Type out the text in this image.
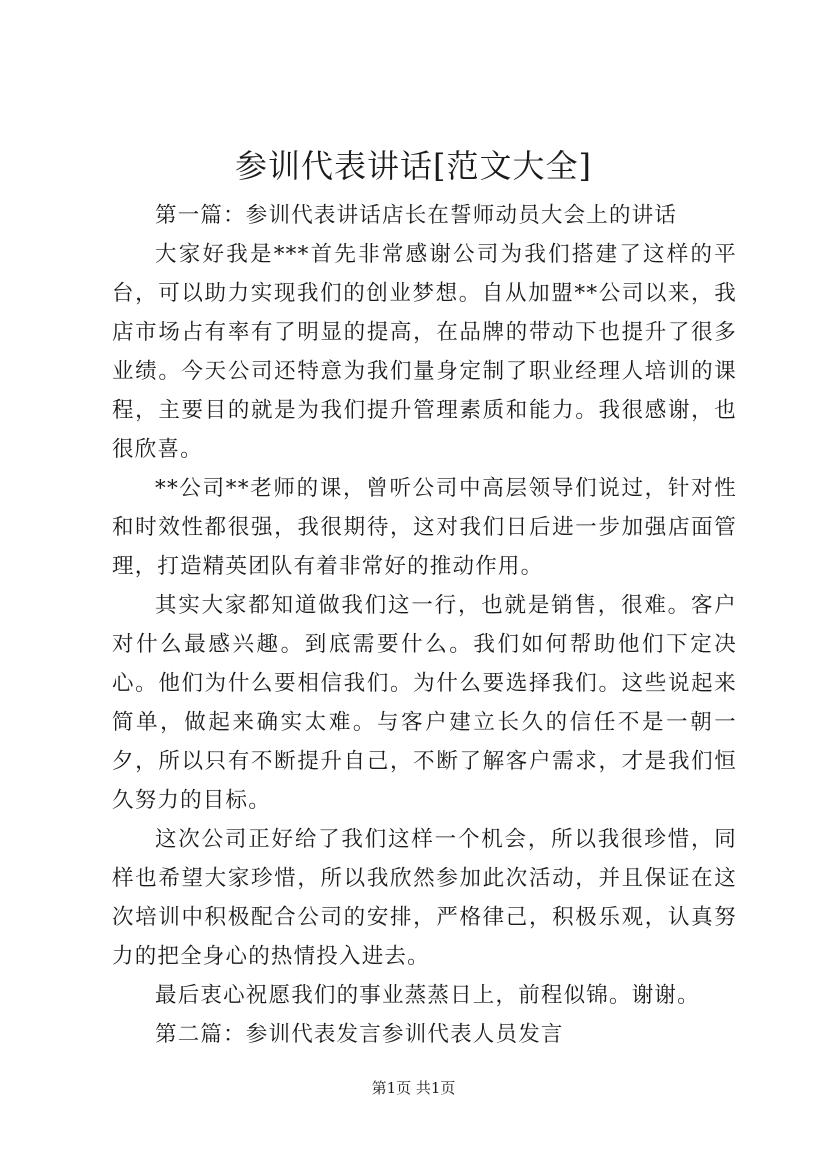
参训代表讲话[范文大全]

第一篇：参训代表讲话店长在誓师动员大会上的讲话

大家好我是***首先非常感谢公司为我们搭建了这样的平台，可以助力实现我们的创业梦想。自从加盟**公司以来，我店市场占有率有了明显的提高，在品牌的带动下也提升了很多业绩。今天公司还特意为我们量身定制了职业经理人培训的课程，主要目的就是为我们提升管理素质和能力。我很感谢，也很欣喜。

**公司**老师的课，曾听公司中高层领导们说过，针对性和时效性都很强，我很期待，这对我们日后进一步加强店面管理，打造精英团队有着非常好的推动作用。

其实大家都知道做我们这一行，也就是销售，很难。客户对什么最感兴趣。到底需要什么。我们如何帮助他们下定决心。他们为什么要相信我们。为什么要选择我们。这些说起来简单，做起来确实太难。与客户建立长久的信任不是一朝一夕，所以只有不断提升自己，不断了解客户需求，才是我们恒久努力的目标。

这次公司正好给了我们这样一个机会，所以我很珍惜，同样也希望大家珍惜，所以我欣然参加此次活动，并且保证在这次培训中积极配合公司的安排，严格律己，积极乐观，认真努力的把全身心的热情投入进去。

最后衷心祝愿我们的事业蒸蒸日上，前程似锦。谢谢。

第二篇：参训代表发言参训代表人员发言

第1页 共1页
